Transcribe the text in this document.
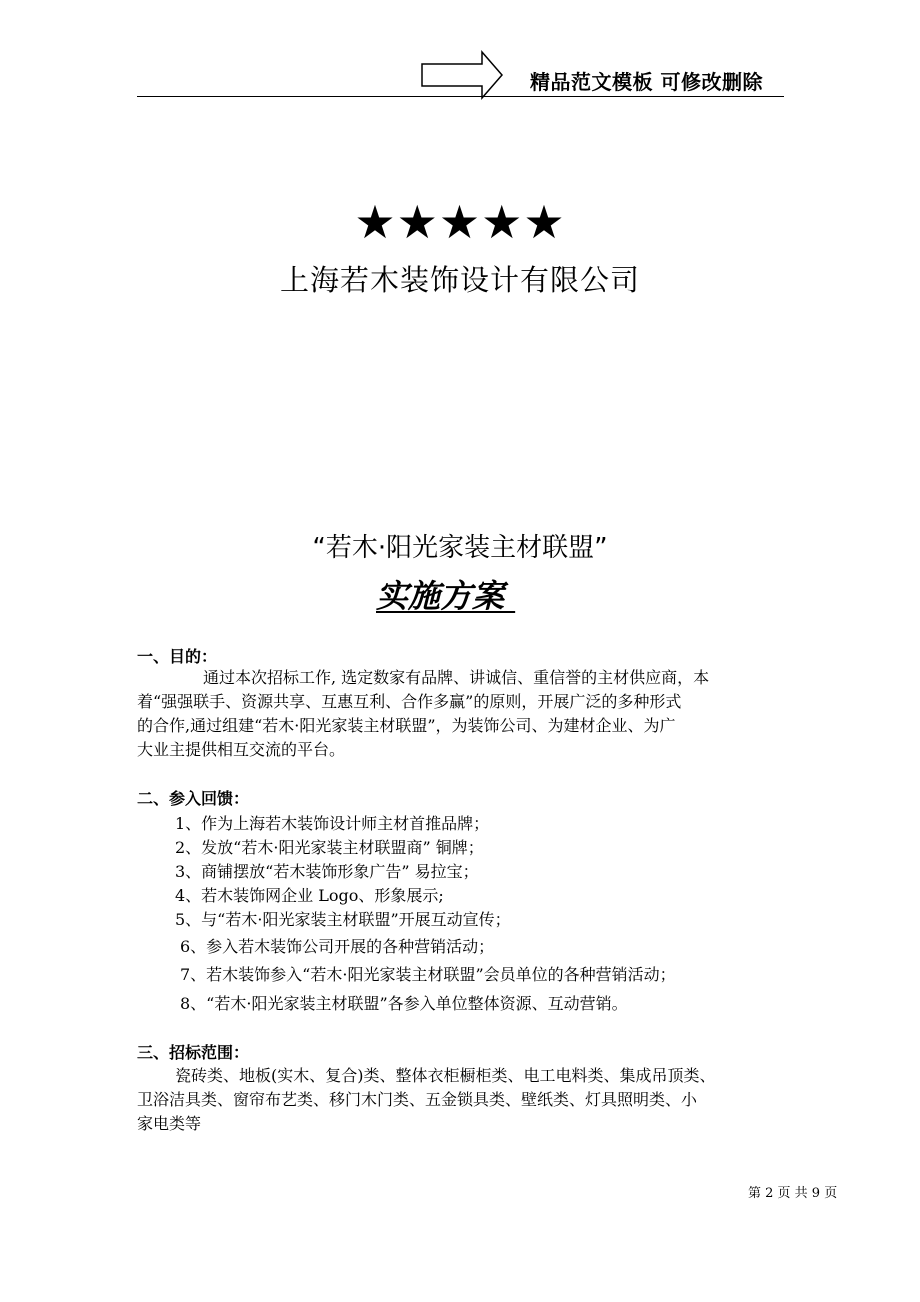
精品范文模板 可修改删除
★★★★★
上海若木装饰设计有限公司
“若木·阳光家装主材联盟”
实施方案
一、目的：
通过本次招标工作, 选定数家有品牌、讲诚信、重信誉的主材供应商，本
着“强强联手、资源共享、互惠互利、合作多赢”的原则，开展广泛的多种形式
的合作,通过组建“若木·阳光家装主材联盟”，为装饰公司、为建材企业、为广
大业主提供相互交流的平台。
二、参入回馈：
1、作为上海若木装饰设计师主材首推品牌；
2、发放“若木·阳光家装主材联盟商” 铜牌；
3、商铺摆放“若木装饰形象广告” 易拉宝；
4、若木装饰网企业 Logo、形象展示;
5、与“若木·阳光家装主材联盟”开展互动宣传；
6、参入若木装饰公司开展的各种营销活动；
7、若木装饰参入“若木·阳光家装主材联盟”会员单位的各种营销活动；
8、“若木·阳光家装主材联盟”各参入单位整体资源、互动营销。
三、招标范围：
瓷砖类、地板(实木、复合)类、整体衣柜橱柜类、电工电料类、集成吊顶类、
卫浴洁具类、窗帘布艺类、移门木门类、五金锁具类、壁纸类、灯具照明类、小
家电类等
第 2 页 共 9 页
